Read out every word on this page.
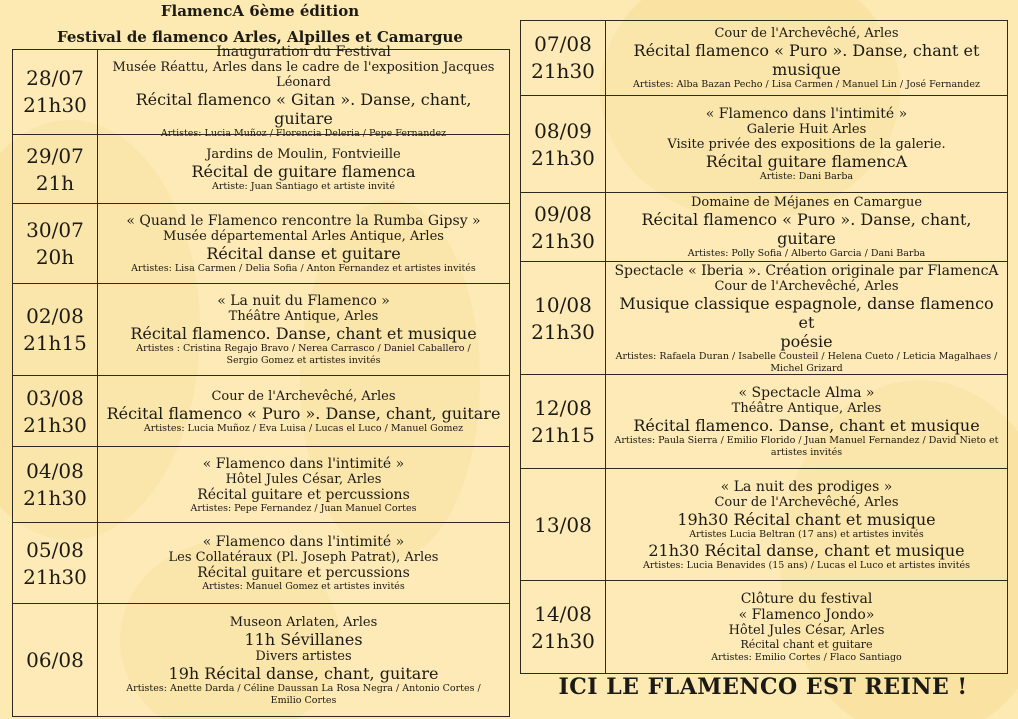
FlamencA 6ème édition
Festival de flamenco Arles, Alpilles et Camargue
28/07
21h30
Inauguration du Festival
Musée Réattu, Arles dans le cadre de l'exposition Jacques Léonard
Récital flamenco « Gitan ». Danse, chant, guitare
Artistes: Lucia Muñoz / Florencia Deleria / Pepe Fernandez
29/07
21h
Jardins de Moulin, Fontvieille
Récital de guitare flamenca
Artiste: Juan Santiago et artiste invité
30/07
20h
« Quand le Flamenco rencontre la Rumba Gipsy »
Musée départemental Arles Antique, Arles
Récital danse et guitare
Artistes: Lisa Carmen / Delia Sofia / Anton Fernandez et artistes invités
02/08
21h15
« La nuit du Flamenco »
Théâtre Antique, Arles
Récital flamenco. Danse, chant et musique
Artistes : Cristina Regajo Bravo / Nerea Carrasco / Daniel Caballero /
Sergio Gomez et artistes invités
03/08
21h30
Cour de l'Archevêché, Arles
Récital flamenco « Puro ». Danse, chant, guitare
Artistes: Lucia Muñoz / Eva Luisa / Lucas el Luco / Manuel Gomez
04/08
21h30
« Flamenco dans l'intimité »
Hôtel Jules César, Arles
Récital guitare et percussions
Artistes: Pepe Fernandez / Juan Manuel Cortes
05/08
21h30
« Flamenco dans l'intimité »
Les Collatéraux (Pl. Joseph Patrat), Arles
Récital guitare et percussions
Artistes: Manuel Gomez et artistes invités
06/08
Museon Arlaten, Arles
11h Sévillanes
Divers artistes
19h Récital danse, chant, guitare
Artistes: Anette Darda / Céline Daussan La Rosa Negra / Antonio Cortes /
Emilio Cortes
07/08
21h30
Cour de l'Archevêché, Arles
Récital flamenco « Puro ». Danse, chant et musique
Artistes: Alba Bazan Pecho / Lisa Carmen / Manuel Lin / José Fernandez
08/09
21h30
« Flamenco dans l'intimité »
Galerie Huit Arles
Visite privée des expositions de la galerie.
Récital guitare flamencA
Artiste: Dani Barba
09/08
21h30
Domaine de Méjanes en Camargue
Récital flamenco « Puro ». Danse, chant, guitare
Artistes: Polly Sofia / Alberto Garcia / Dani Barba
10/08
21h30
Spectacle « Iberia ». Création originale par FlamencA
Cour de l'Archevêché, Arles
Musique classique espagnole, danse flamenco et
poésie
Artistes: Rafaela Duran / Isabelle Cousteil / Helena Cueto / Leticia Magalhaes /
Michel Grizard
12/08
21h15
« Spectacle Alma »
Théâtre Antique, Arles
Récital flamenco. Danse, chant et musique
Artistes: Paula Sierra / Emilio Florido / Juan Manuel Fernandez / David Nieto et
artistes invités
13/08
« La nuit des prodiges »
Cour de l'Archevêché, Arles
19h30 Récital chant et musique
Artistes Lucia Beltran (17 ans) et artistes invités
21h30 Récital danse, chant et musique
Artistes: Lucia Benavides (15 ans) / Lucas el Luco et artistes invités
14/08
21h30
Clôture du festival
« Flamenco Jondo»
Hôtel Jules César, Arles
Récital chant et guitare
Artistes: Emilio Cortes / Flaco Santiago
ICI LE FLAMENCO EST REINE !
